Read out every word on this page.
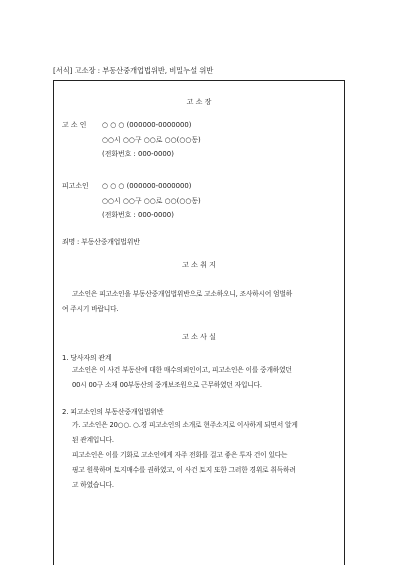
[서식] 고소장 : 부동산중개업법위반, 비밀누설 위반
고 소 장
고 소 인 ○ ○ ○ (000000-0000000)
○○시 ○○구 ○○로 ○○(○○동)
(전화번호 : 000-0000)
피고소인 ○ ○ ○ (000000-0000000)
○○시 ○○구 ○○로 ○○(○○동)
(전화번호 : 000-0000)
죄명 : 부동산중개업법위반
고 소 취 지
고소인은 피고소인을 부동산중개업법위반으로 고소하오니, 조사하시어 엄벌하
여 주시기 바랍니다.
고 소 사 실
1. 당사자의 관계
고소인은 이 사건 부동산에 대한 매수의뢰인이고, 피고소인은 이를 중개하였던
00시 00구 소재 00부동산의 중개보조원으로 근무하였던 자입니다.
2. 피고소인의 부동산중개업법위반
가. 고소인은 20○○. ○.경 피고소인의 소개로 현주소지로 이사하게 되면서 알게
된 관계입니다.
피고소인은 이를 기화로 고소인에게 자주 전화를 걸고 좋은 투자 건이 있다는
핑고 원룩하며 토지매수를 권하였고, 이 사건 토지 또한 그러한 경위로 취득하려
고 하였습니다.
